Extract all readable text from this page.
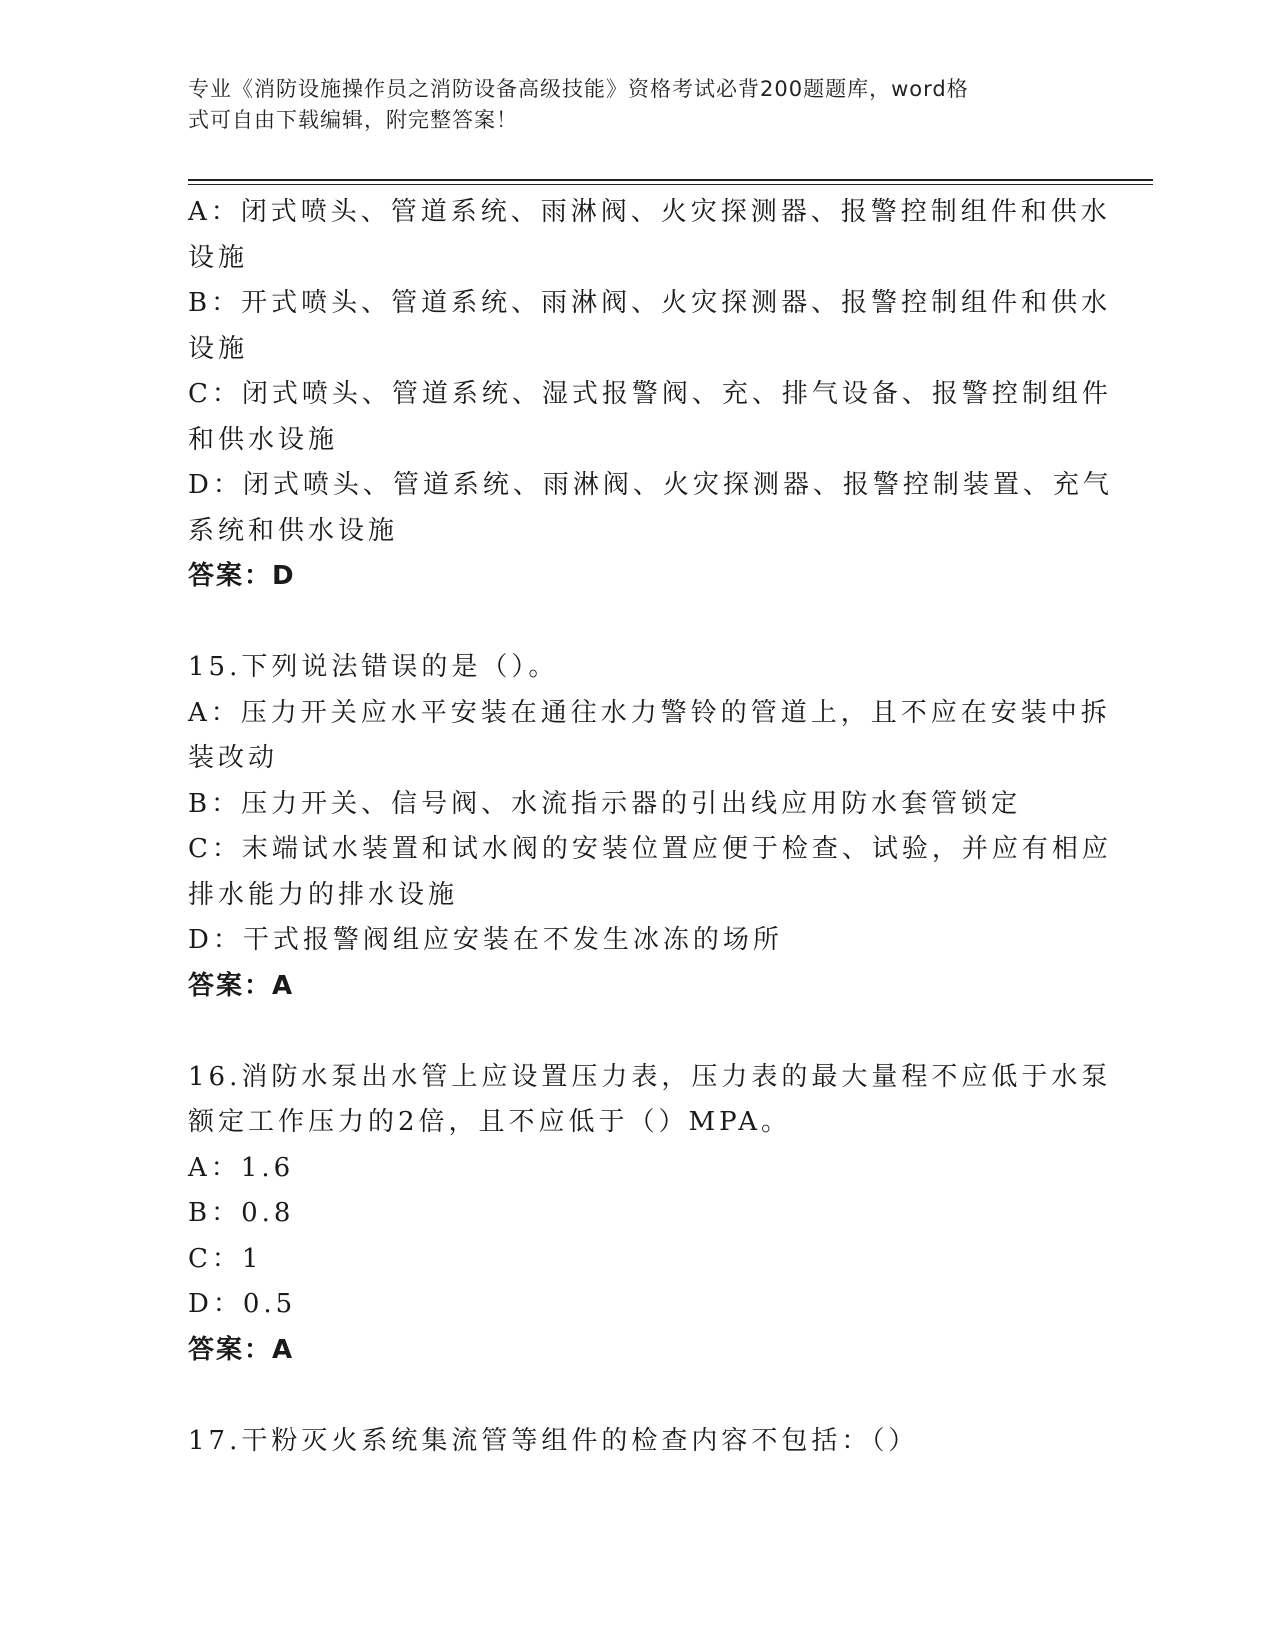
专业《消防设施操作员之消防设备高级技能》资格考试必背200题题库，word格
式可自由下载编辑，附完整答案！
A：闭式喷头、管道系统、雨淋阀、火灾探测器、报警控制组件和供水
设施
B：开式喷头、管道系统、雨淋阀、火灾探测器、报警控制组件和供水
设施
C：闭式喷头、管道系统、湿式报警阀、充、排气设备、报警控制组件
和供水设施
D：闭式喷头、管道系统、雨淋阀、火灾探测器、报警控制装置、充气
系统和供水设施
答案：D
15.下列说法错误的是（）。
A：压力开关应水平安装在通往水力警铃的管道上，且不应在安装中拆
装改动
B：压力开关、信号阀、水流指示器的引出线应用防水套管锁定
C：末端试水装置和试水阀的安装位置应便于检查、试验，并应有相应
排水能力的排水设施
D：干式报警阀组应安装在不发生冰冻的场所
答案：A
16.消防水泵出水管上应设置压力表，压力表的最大量程不应低于水泵
额定工作压力的2倍，且不应低于（）MPA。
A：1.6
B：0.8
C：1
D：0.5
答案：A
17.干粉灭火系统集流管等组件的检查内容不包括：（）
